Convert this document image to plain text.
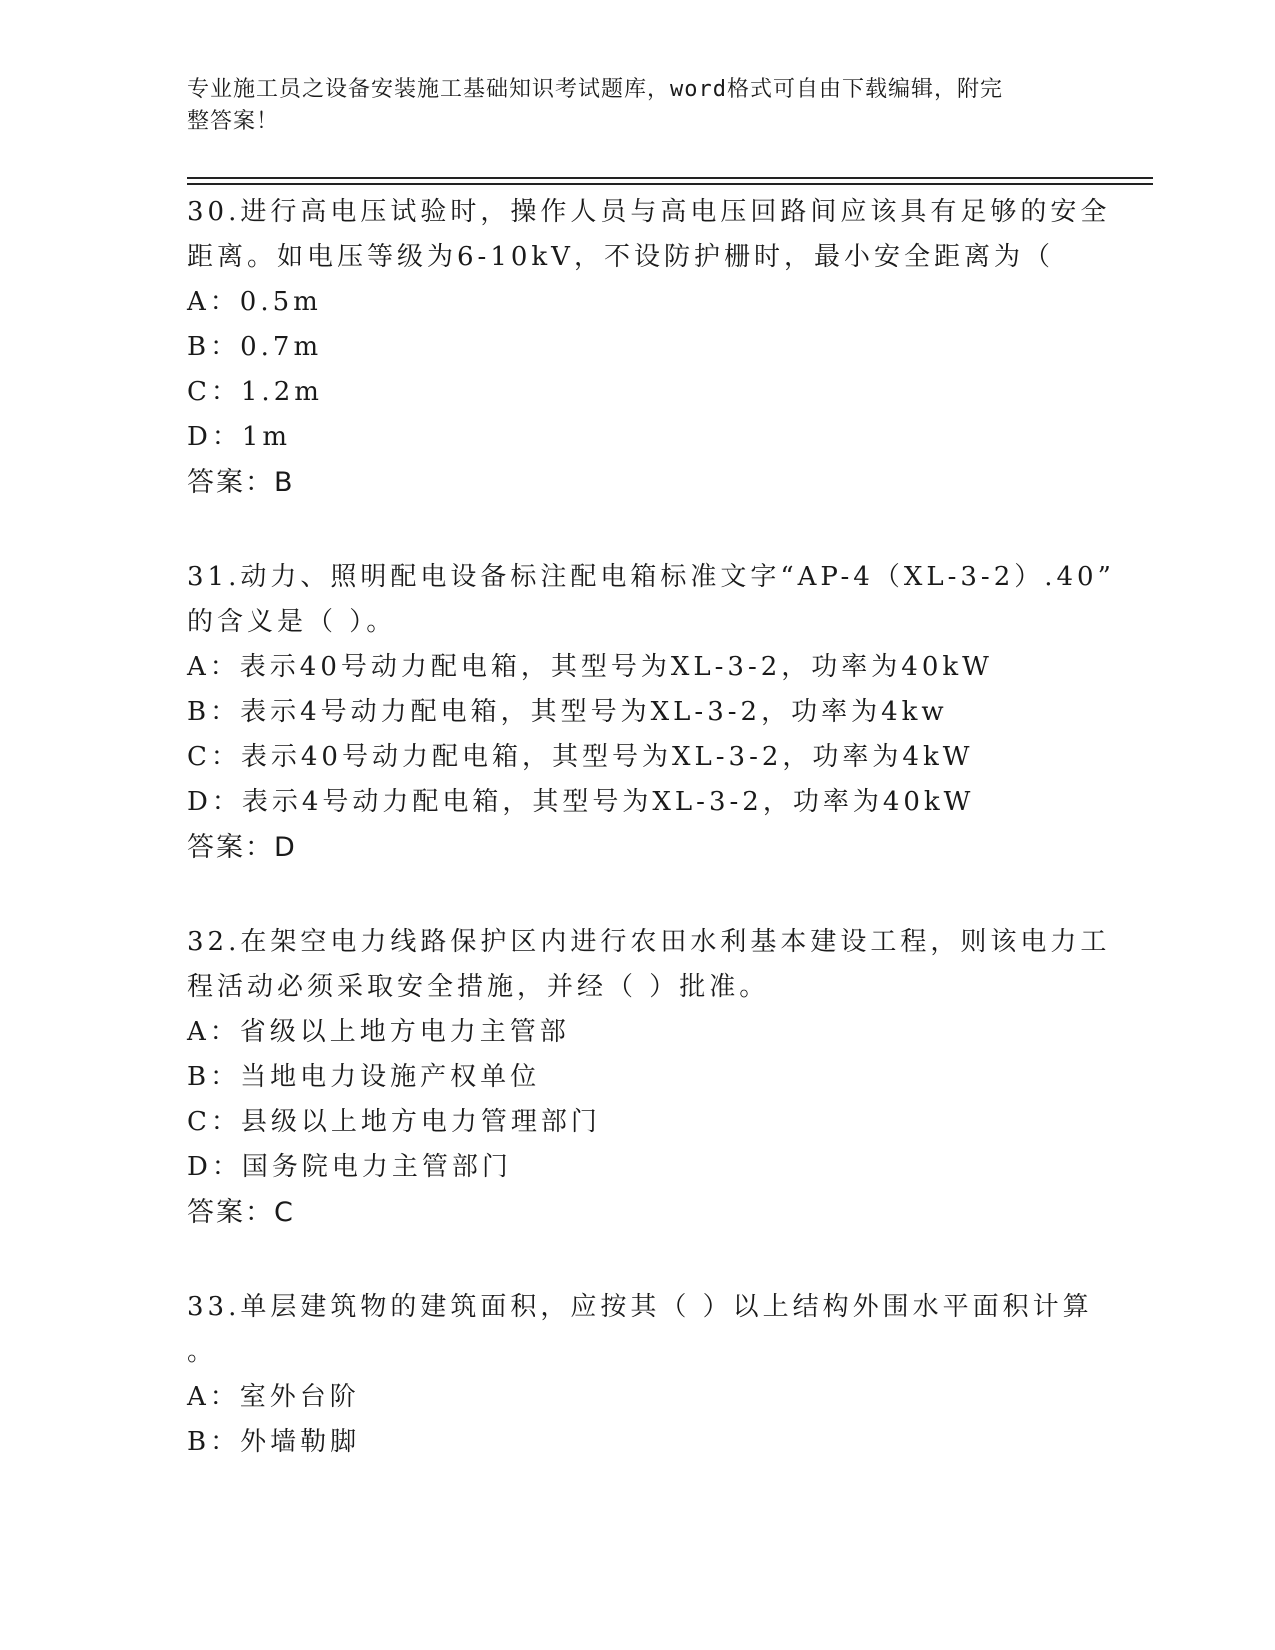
专业施工员之设备安装施工基础知识考试题库，word格式可自由下载编辑，附完
整答案！
30.进行高电压试验时，操作人员与高电压回路间应该具有足够的安全
距离。如电压等级为6-10kV，不设防护栅时，最小安全距离为（
A：0.5m
B：0.7m
C：1.2m
D：1m
答案：B
31.动力、照明配电设备标注配电箱标准文字“AP-4（XL-3-2）.40”
的含义是（ ）。
A：表示40号动力配电箱，其型号为XL-3-2，功率为40kW
B：表示4号动力配电箱，其型号为XL-3-2，功率为4kw
C：表示40号动力配电箱，其型号为XL-3-2，功率为4kW
D：表示4号动力配电箱，其型号为XL-3-2，功率为40kW
答案：D
32.在架空电力线路保护区内进行农田水利基本建设工程，则该电力工
程活动必须采取安全措施，并经（ ）批准。
A：省级以上地方电力主管部
B：当地电力设施产权单位
C：县级以上地方电力管理部门
D：国务院电力主管部门
答案：C
33.单层建筑物的建筑面积，应按其（ ）以上结构外围水平面积计算
。
A：室外台阶
B：外墙勒脚
